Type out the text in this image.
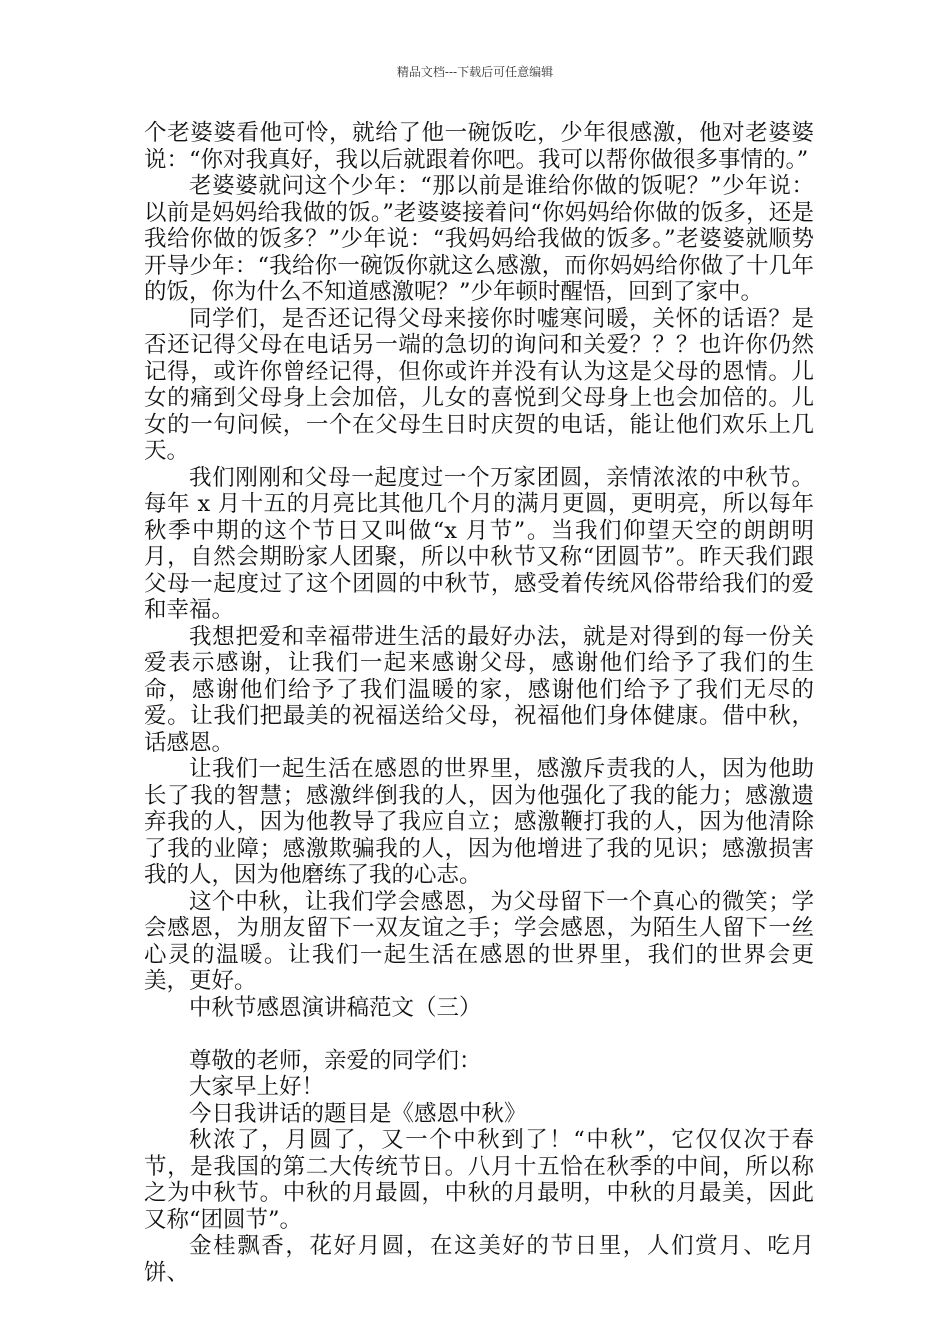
精品文档---下载后可任意编辑

个老婆婆看他可怜，就给了他一碗饭吃，少年很感激，他对老婆婆说：“你对我真好，我以后就跟着你吧。我可以帮你做很多事情的。”

老婆婆就问这个少年：“那以前是谁给你做的饭呢？”少年说：以前是妈妈给我做的饭。”老婆婆接着问“你妈妈给你做的饭多，还是我给你做的饭多？”少年说：“我妈妈给我做的饭多。”老婆婆就顺势开导少年：“我给你一碗饭你就这么感激，而你妈妈给你做了十几年的饭，你为什么不知道感激呢？”少年顿时醒悟，回到了家中。

同学们，是否还记得父母来接你时嘘寒问暖，关怀的话语？是否还记得父母在电话另一端的急切的询问和关爱？？？也许你仍然记得，或许你曾经记得，但你或许并没有认为这是父母的恩情。儿女的痛到父母身上会加倍，儿女的喜悦到父母身上也会加倍的。儿女的一句问候，一个在父母生日时庆贺的电话，能让他们欢乐上几天。

我们刚刚和父母一起度过一个万家团圆，亲情浓浓的中秋节。每年 x 月十五的月亮比其他几个月的满月更圆，更明亮，所以每年秋季中期的这个节日又叫做“x 月节”。当我们仰望天空的朗朗明月，自然会期盼家人团聚，所以中秋节又称“团圆节”。昨天我们跟父母一起度过了这个团圆的中秋节，感受着传统风俗带给我们的爱和幸福。

我想把爱和幸福带进生活的最好办法，就是对得到的每一份关爱表示感谢，让我们一起来感谢父母，感谢他们给予了我们的生命，感谢他们给予了我们温暖的家，感谢他们给予了我们无尽的爱。让我们把最美的祝福送给父母，祝福他们身体健康。借中秋，话感恩。

让我们一起生活在感恩的世界里，感激斥责我的人，因为他助长了我的智慧；感激绊倒我的人，因为他强化了我的能力；感激遗弃我的人，因为他教导了我应自立；感激鞭打我的人，因为他清除了我的业障；感激欺骗我的人，因为他增进了我的见识；感激损害我的人，因为他磨练了我的心志。

这个中秋，让我们学会感恩，为父母留下一个真心的微笑；学会感恩，为朋友留下一双友谊之手；学会感恩，为陌生人留下一丝心灵的温暖。让我们一起生活在感恩的世界里，我们的世界会更美，更好。

中秋节感恩演讲稿范文（三）

尊敬的老师，亲爱的同学们：

大家早上好！

今日我讲话的题目是《感恩中秋》

秋浓了，月圆了，又一个中秋到了！“中秋”，它仅仅次于春节，是我国的第二大传统节日。八月十五恰在秋季的中间，所以称之为中秋节。中秋的月最圆，中秋的月最明，中秋的月最美，因此又称“团圆节”。

金桂飘香，花好月圆，在这美好的节日里，人们赏月、吃月饼、
